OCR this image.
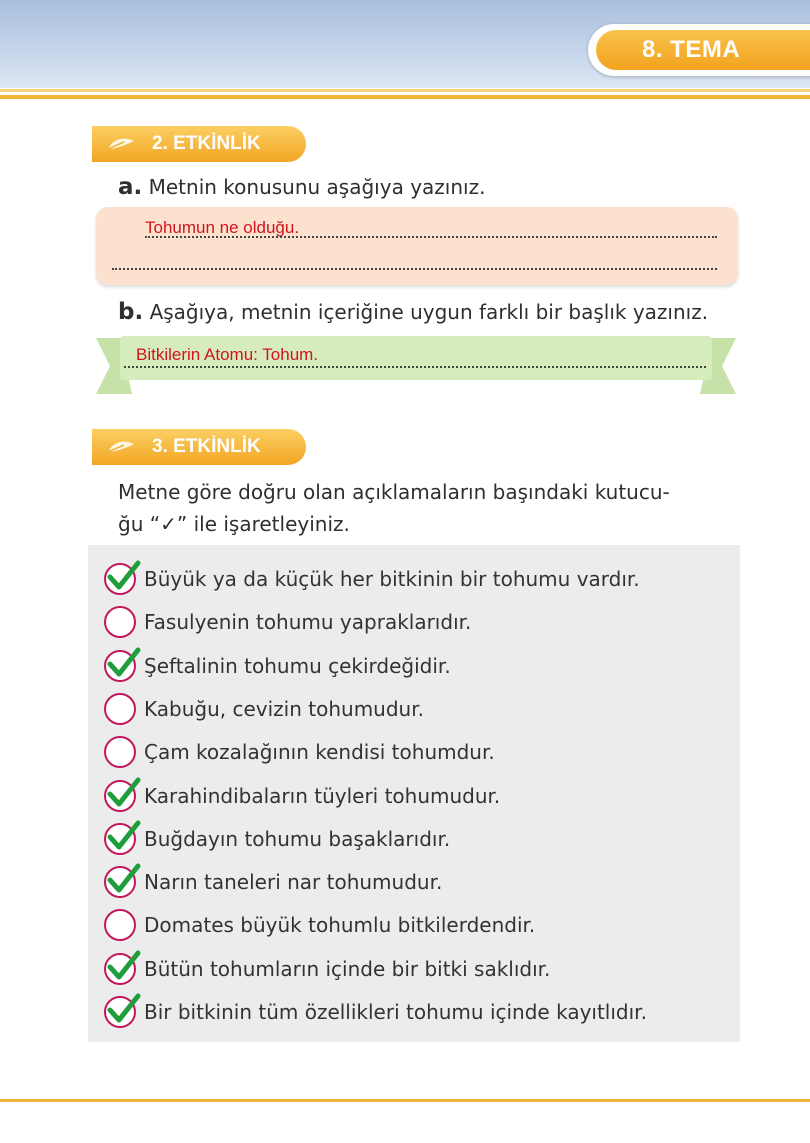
8. TEMA
2. ETKİNLİK
a. Metnin konusunu aşağıya yazınız.
Tohumun ne olduğu.
b. Aşağıya, metnin içeriğine uygun farklı bir başlık yazınız.
Bitkilerin Atomu: Tohum.
3. ETKİNLİK
Metne göre doğru olan açıklamaların başındaki kutucu-
ğu “✓” ile işaretleyiniz.
Büyük ya da küçük her bitkinin bir tohumu vardır.
Fasulyenin tohumu yapraklarıdır.
Şeftalinin tohumu çekirdeğidir.
Kabuğu, cevizin tohumudur.
Çam kozalağının kendisi tohumdur.
Karahindibaların tüyleri tohumudur.
Buğdayın tohumu başaklarıdır.
Narın taneleri nar tohumudur.
Domates büyük tohumlu bitkilerdendir.
Bütün tohumların içinde bir bitki saklıdır.
Bir bitkinin tüm özellikleri tohumu içinde kayıtlıdır.
